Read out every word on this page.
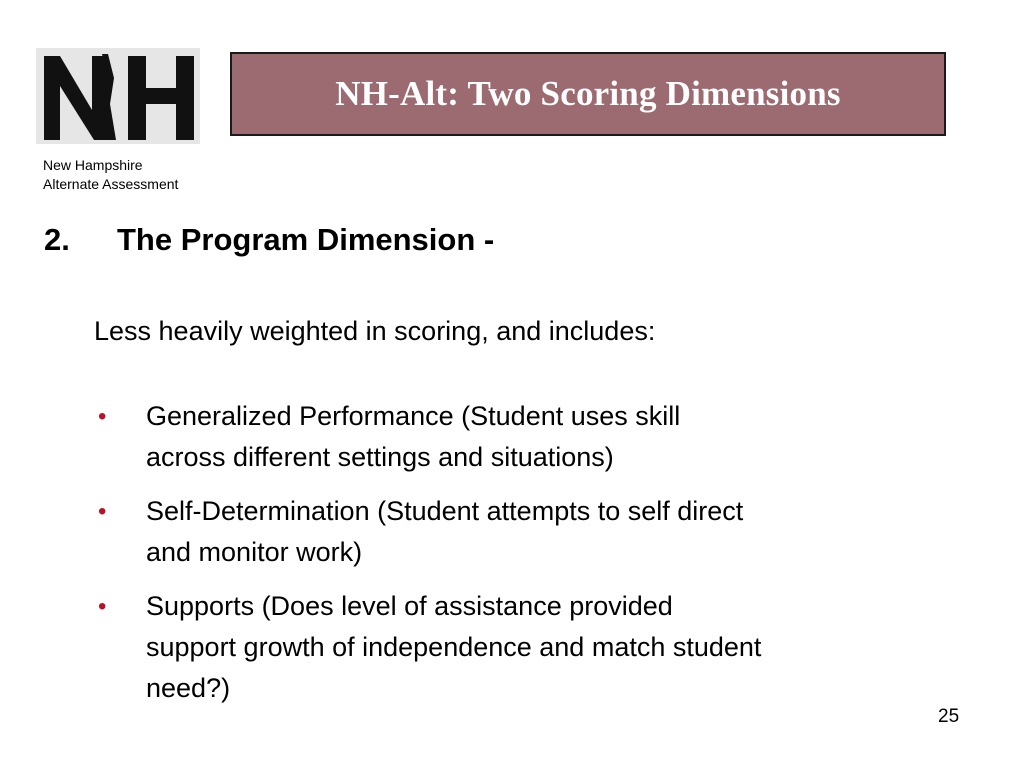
New Hampshire
Alternate Assessment
NH-Alt: Two Scoring Dimensions
2. The Program Dimension -
Less heavily weighted in scoring, and includes:
• Generalized Performance (Student uses skill
across different settings and situations)
• Self-Determination (Student attempts to self direct
and monitor work)
• Supports (Does level of assistance provided
support growth of independence and match student
need?)
25
